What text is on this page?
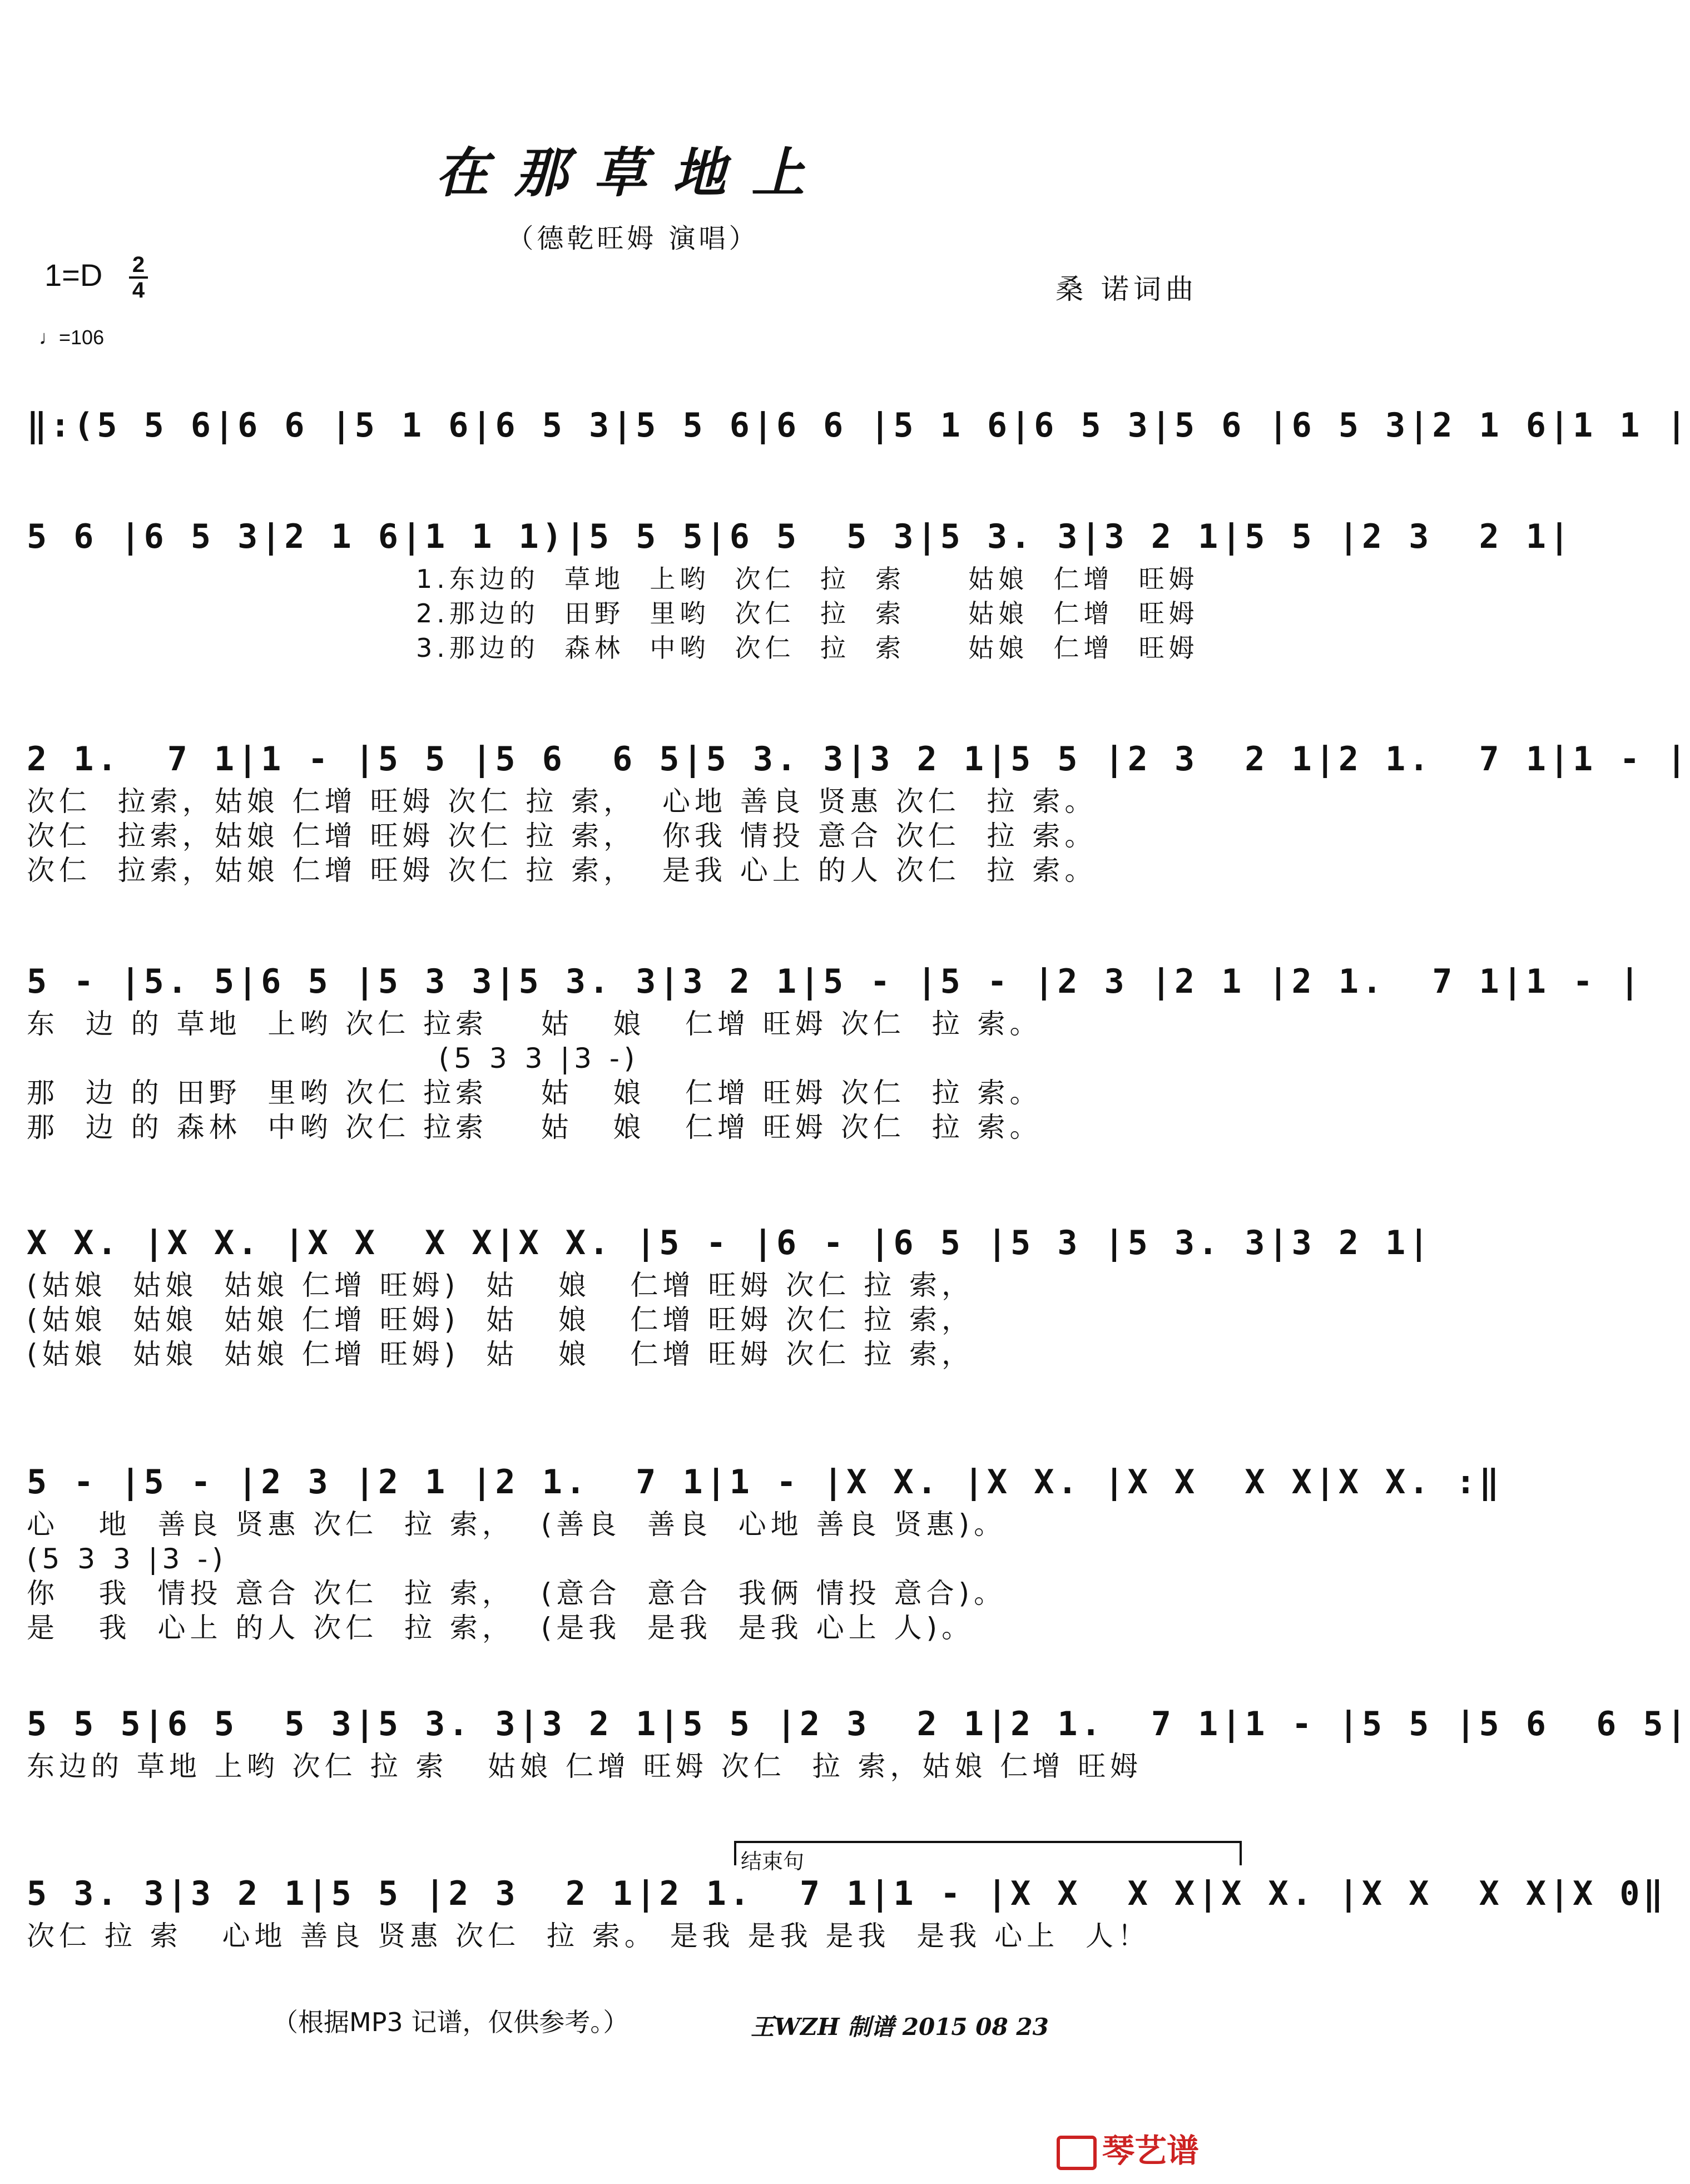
在那草地上
（德乾旺姆 演唱）
1=D 2
4
♩=106
桑 诺词曲
‖:(5 5 6|6 6 |5 1 6|6 5 3|5 5 6|6 6 |5 1 6|6 5 3|5 6 |6 5 3|2 1 6|1 1 |
5 6 |6 5 3|2 1 6|1 1 1)|5 5 5|6 5  5 3|5 3. 3|3 2 1|5 5 |2 3  2 1|
1.东边的  草地  上哟  次仁  拉  索     姑娘  仁增  旺姆
2.那边的  田野  里哟  次仁  拉  索     姑娘  仁增  旺姆
3.那边的  森林  中哟  次仁  拉  索     姑娘  仁增  旺姆
2 1.  7 1|1 - |5 5 |5 6  6 5|5 3. 3|3 2 1|5 5 |2 3  2 1|2 1.  7 1|1 - |
次仁  拉索，姑娘 仁增 旺姆 次仁 拉 索，  心地 善良 贤惠 次仁  拉 索。
次仁  拉索，姑娘 仁增 旺姆 次仁 拉 索，  你我 情投 意合 次仁  拉 索。
次仁  拉索，姑娘 仁增 旺姆 次仁 拉 索，  是我 心上 的人 次仁  拉 索。
5 - |5. 5|6 5 |5 3 3|5 3. 3|3 2 1|5 - |5 - |2 3 |2 1 |2 1.  7 1|1 - |
东  边 的 草地  上哟 次仁 拉索    姑   娘   仁增 旺姆 次仁  拉 索。
(5 3 3 |3 -)
那  边 的 田野  里哟 次仁 拉索    姑   娘   仁增 旺姆 次仁  拉 索。
那  边 的 森林  中哟 次仁 拉索    姑   娘   仁增 旺姆 次仁  拉 索。
X X. |X X. |X X  X X|X X. |5 - |6 - |6 5 |5 3 |5 3. 3|3 2 1|
(姑娘  姑娘  姑娘 仁增 旺姆)  姑   娘   仁增 旺姆 次仁 拉 索，
(姑娘  姑娘  姑娘 仁增 旺姆)  姑   娘   仁增 旺姆 次仁 拉 索，
(姑娘  姑娘  姑娘 仁增 旺姆)  姑   娘   仁增 旺姆 次仁 拉 索，
5 - |5 - |2 3 |2 1 |2 1.  7 1|1 - |X X. |X X. |X X  X X|X X. :‖
心   地  善良 贤惠 次仁  拉 索，  (善良  善良  心地 善良 贤惠)。
(5 3 3 |3 -)
你   我  情投 意合 次仁  拉 索，  (意合  意合  我俩 情投 意合)。
是   我  心上 的人 次仁  拉 索，  (是我  是我  是我 心上 人)。
5 5 5|6 5  5 3|5 3. 3|3 2 1|5 5 |2 3  2 1|2 1.  7 1|1 - |5 5 |5 6  6 5|
东边的 草地 上哟 次仁 拉 索   姑娘 仁增 旺姆 次仁  拉 索，姑娘 仁增 旺姆
结束句
5 3. 3|3 2 1|5 5 |2 3  2 1|2 1.  7 1|1 - |X X  X X|X X. |X X  X X|X 0‖
次仁 拉 索   心地 善良 贤惠 次仁  拉 索。 是我 是我 是我  是我 心上  人！
（根据MP3 记谱，仅供参考。）	王WZH 制谱 2015 08 23
琴艺谱
